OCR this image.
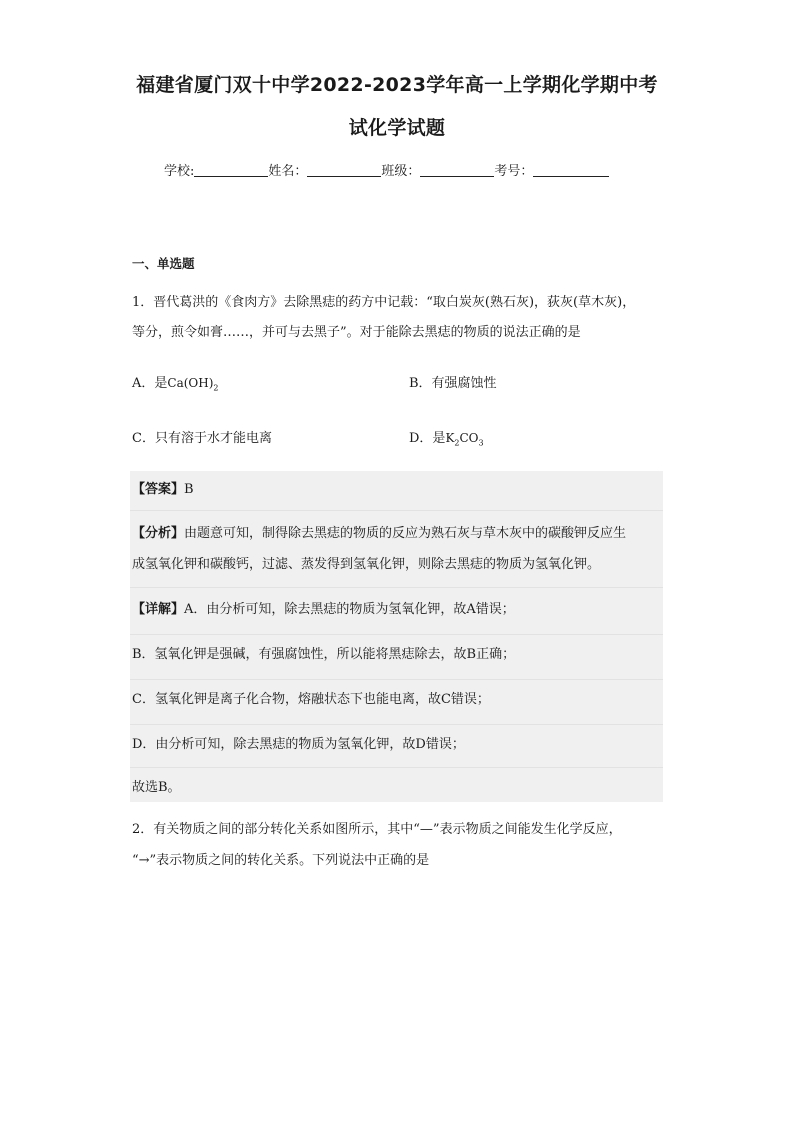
福建省厦门双十中学2022-2023学年高一上学期化学期中考
试化学试题
学校:	姓名：	班级：	考号：
一、单选题
1．晋代葛洪的《食肉方》去除黑痣的药方中记载：“取白炭灰(熟石灰)，荻灰(草木灰)，
等分，煎令如膏……，并可与去黑子”。对于能除去黑痣的物质的说法正确的是
A．是$Ca(OH)_2$	B．有强腐蚀性
C．只有溶于水才能电离	D．是$K_2CO_3$
【答案】B
【分析】由题意可知，制得除去黑痣的物质的反应为熟石灰与草木灰中的碳酸钾反应生
成氢氧化钾和碳酸钙，过滤、蒸发得到氢氧化钾，则除去黑痣的物质为氢氧化钾。
【详解】A．由分析可知，除去黑痣的物质为氢氧化钾，故A错误；
B．氢氧化钾是强碱，有强腐蚀性，所以能将黑痣除去，故B正确；
C．氢氧化钾是离子化合物，熔融状态下也能电离，故C错误；
D．由分析可知，除去黑痣的物质为氢氧化钾，故D错误；
故选B。
2．有关物质之间的部分转化关系如图所示，其中“—”表示物质之间能发生化学反应，
“→”表示物质之间的转化关系。下列说法中正确的是
